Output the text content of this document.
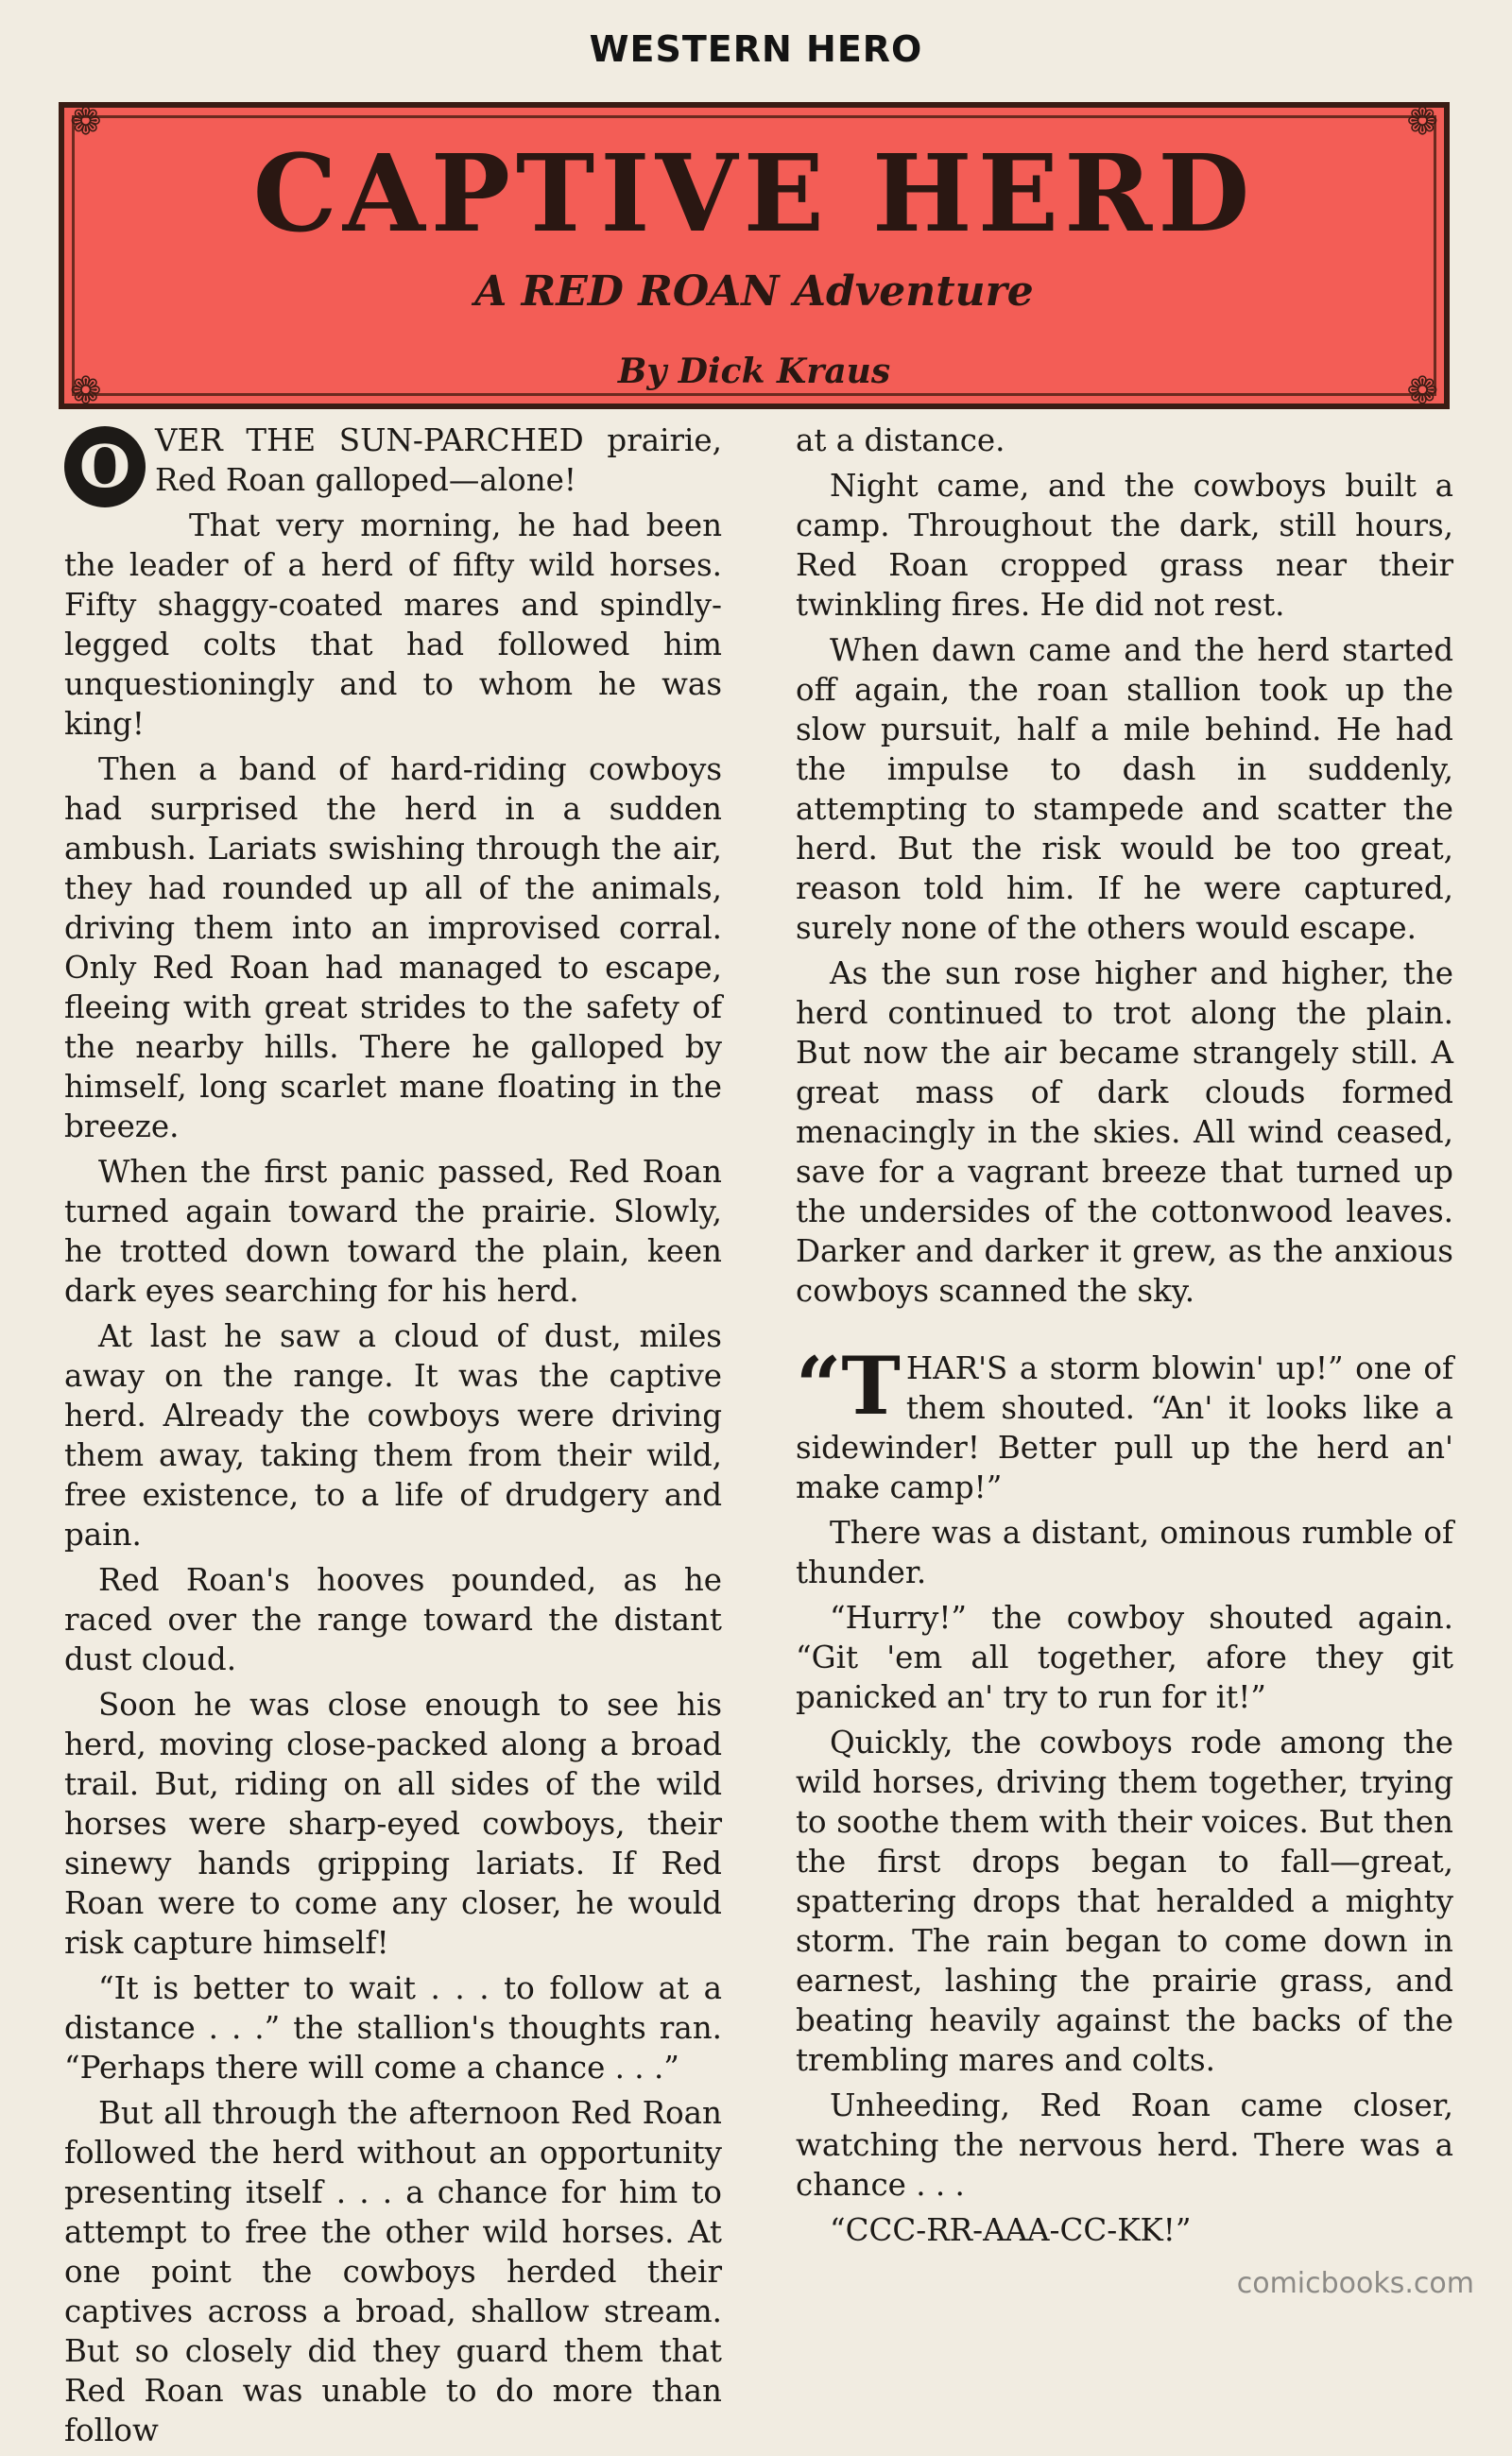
WESTERN HERO
❁	❁
❁	❁
CAPTIVE HERD
A RED ROAN Adventure
By Dick Kraus

O VER THE SUN-PARCHED prairie, Red Roan galloped—alone!

That very morning, he had been the leader of a herd of fifty wild horses. Fifty shaggy-coated mares and spindly-legged colts that had followed him unquestioningly and to whom he was king!

Then a band of hard-riding cowboys had surprised the herd in a sudden ambush. Lariats swishing through the air, they had rounded up all of the animals, driving them into an improvised corral. Only Red Roan had managed to escape, fleeing with great strides to the safety of the nearby hills. There he galloped by himself, long scarlet mane floating in the breeze.

When the first panic passed, Red Roan turned again toward the prairie. Slowly, he trotted down toward the plain, keen dark eyes searching for his herd.

At last he saw a cloud of dust, miles away on the range. It was the captive herd. Already the cowboys were driving them away, taking them from their wild, free existence, to a life of drudgery and pain.

Red Roan's hooves pounded, as he raced over the range toward the distant dust cloud.

Soon he was close enough to see his herd, moving close-packed along a broad trail. But, riding on all sides of the wild horses were sharp-eyed cowboys, their sinewy hands gripping lariats. If Red Roan were to come any closer, he would risk capture himself!

“It is better to wait . . . to follow at a distance . . .” the stallion's thoughts ran. “Perhaps there will come a chance . . .”

But all through the afternoon Red Roan followed the herd without an opportunity presenting itself . . . a chance for him to attempt to free the other wild horses. At one point the cowboys herded their captives across a broad, shallow stream. But so closely did they guard them that Red Roan was unable to do more than follow

at a distance.

Night came, and the cowboys built a camp. Throughout the dark, still hours, Red Roan cropped grass near their twinkling fires. He did not rest.

When dawn came and the herd started off again, the roan stallion took up the slow pursuit, half a mile behind. He had the impulse to dash in suddenly, attempting to stampede and scatter the herd. But the risk would be too great, reason told him. If he were captured, surely none of the others would escape.

As the sun rose higher and higher, the herd continued to trot along the plain. But now the air became strangely still. A great mass of dark clouds formed menacingly in the skies. All wind ceased, save for a vagrant breeze that turned up the undersides of the cottonwood leaves. Darker and darker it grew, as the anxious cowboys scanned the sky.

“THAR'S a storm blowin' up!” one of them shouted. “An' it looks like a sidewinder! Better pull up the herd an' make camp!”

There was a distant, ominous rumble of thunder.

“Hurry!” the cowboy shouted again. “Git 'em all together, afore they git panicked an' try to run for it!”

Quickly, the cowboys rode among the wild horses, driving them together, trying to soothe them with their voices. But then the first drops began to fall—great, spattering drops that heralded a mighty storm. The rain began to come down in earnest, lashing the prairie grass, and beating heavily against the backs of the trembling mares and colts.

Unheeding, Red Roan came closer, watching the nervous herd. There was a chance . . .

“CCC-RR-AAA-CC-KK!”

comicbooks.com
